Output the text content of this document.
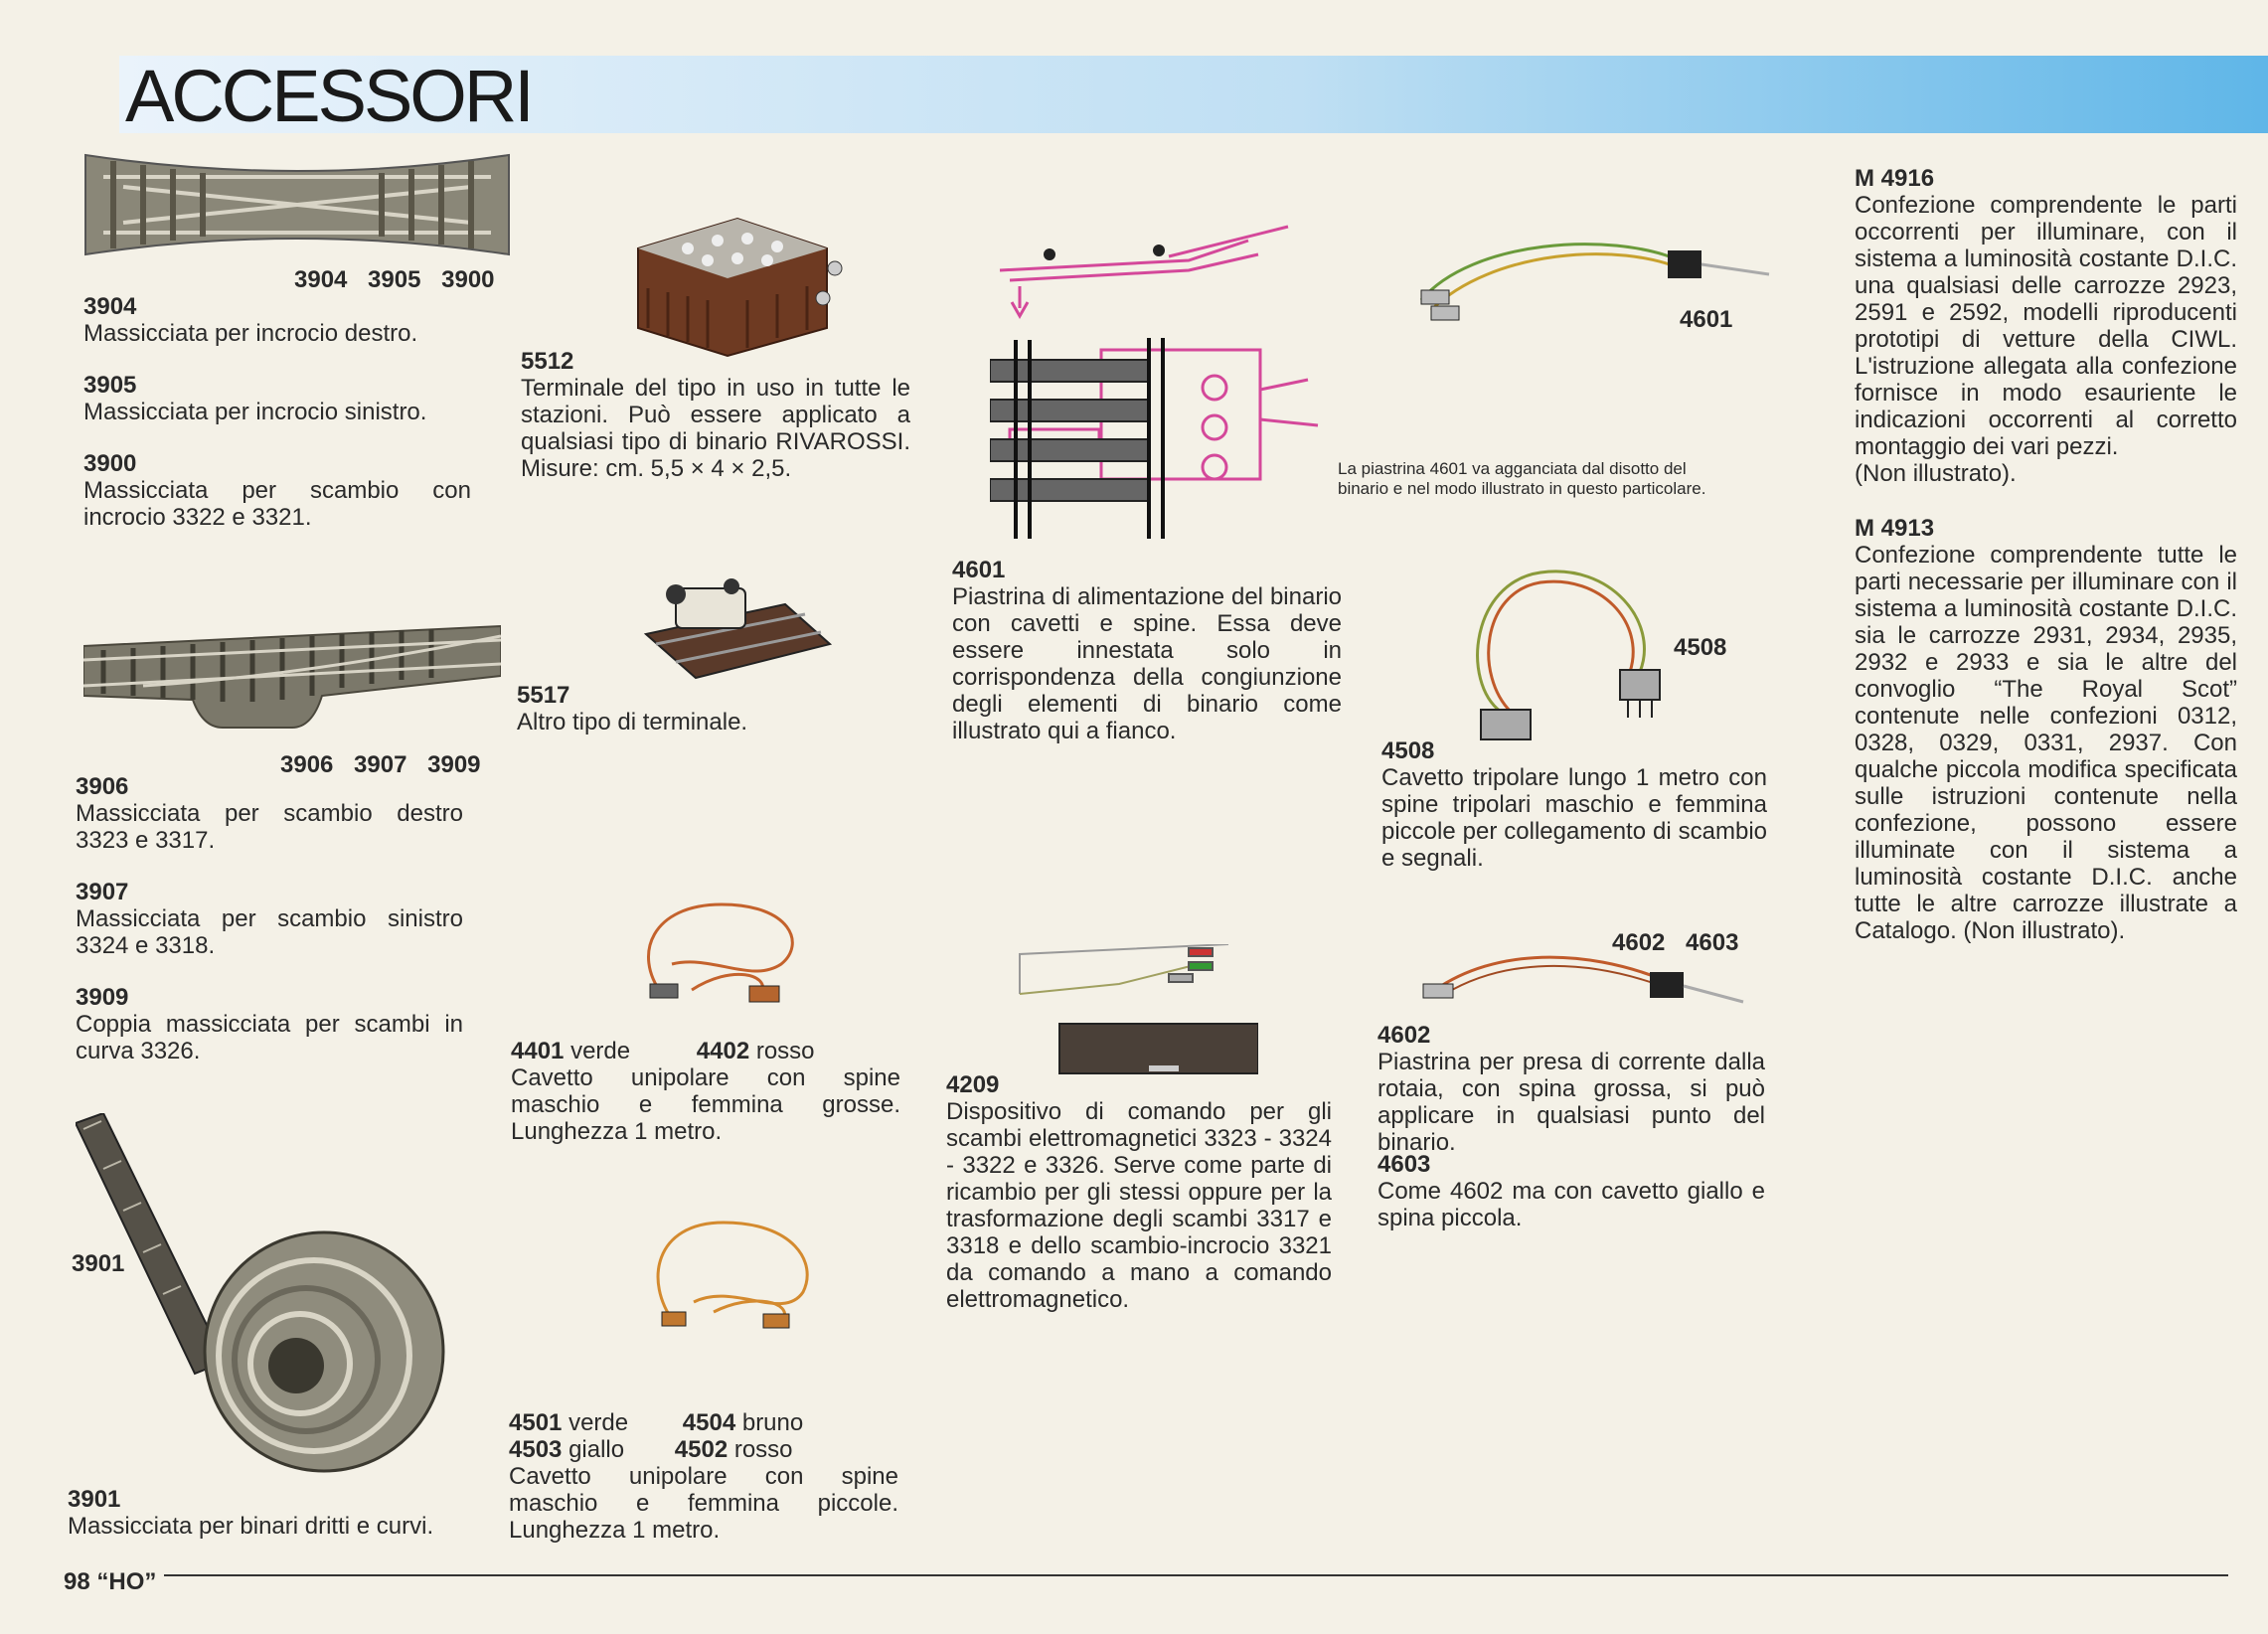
ACCESSORI
3904 3905 3900
3904
Massicciata per incrocio destro.
3905
Massicciata per incrocio sinistro.
3900
Massicciata per scambio con incrocio 3322 e 3321.
3906 3907 3909
3906
Massicciata per scambio destro 3323 e 3317.
3907
Massicciata per scambio sinistro 3324 e 3318.
3909
Coppia massicciata per scambi in curva 3326.
3901
3901
Massicciata per binari dritti e curvi.
5512
Terminale del tipo in uso in tutte le stazioni. Può essere applicato a qualsiasi tipo di binario RIVAROSSI. Misure: cm. 5,5 × 4 × 2,5.
5517
Altro tipo di terminale.
4401 verde	4402 rosso
Cavetto unipolare con spine maschio e femmina grosse. Lunghezza 1 metro.
4501 verde 4504 bruno
4503 giallo 4502 rosso
Cavetto unipolare con spine maschio e femmina piccole. Lunghezza 1 metro.
4601
Piastrina di alimentazione del binario con cavetti e spine. Essa deve essere innestata solo in corrispondenza della congiunzione degli elementi di binario come illustrato qui a fianco.
4209
Dispositivo di comando per gli scambi elettromagnetici 3323 - 3324 - 3322 e 3326. Serve come parte di ricambio per gli stessi oppure per la trasformazione degli scambi 3317 e 3318 e dello scambio-incrocio 3321 da comando a mano a comando elettromagnetico.
4601
La piastrina 4601 va agganciata dal disotto del binario e nel modo illustrato in questo particolare.
4508
4508
Cavetto tripolare lungo 1 metro con spine tripolari maschio e femmina piccole per collegamento di scambio e segnali.
4602 4603
4602
Piastrina per presa di corrente dalla rotaia, con spina grossa, si può applicare in qualsiasi punto del binario.
4603
Come 4602 ma con cavetto giallo e spina piccola.
M 4916
Confezione comprendente le parti occorrenti per illuminare, con il sistema a luminosità costante D.I.C. una qualsiasi delle carrozze 2923, 2591 e 2592, modelli riproducenti prototipi di vetture della CIWL. L'istruzione allegata alla confezione fornisce in modo esauriente le indicazioni occorrenti al corretto montaggio dei vari pezzi.
(Non illustrato).
M 4913
Confezione comprendente tutte le parti necessarie per illuminare con il sistema a luminosità costante D.I.C. sia le carrozze 2931, 2934, 2935, 2932 e 2933 e sia le altre del convoglio “The Royal Scot” contenute nelle confezioni 0312, 0328, 0329, 0331, 2937. Con qualche piccola modifica specificata sulle istruzioni contenute nella confezione, possono essere illuminate con il sistema a luminosità costante D.I.C. anche tutte le altre carrozze illustrate a Catalogo. (Non illustrato).
98 “HO”
